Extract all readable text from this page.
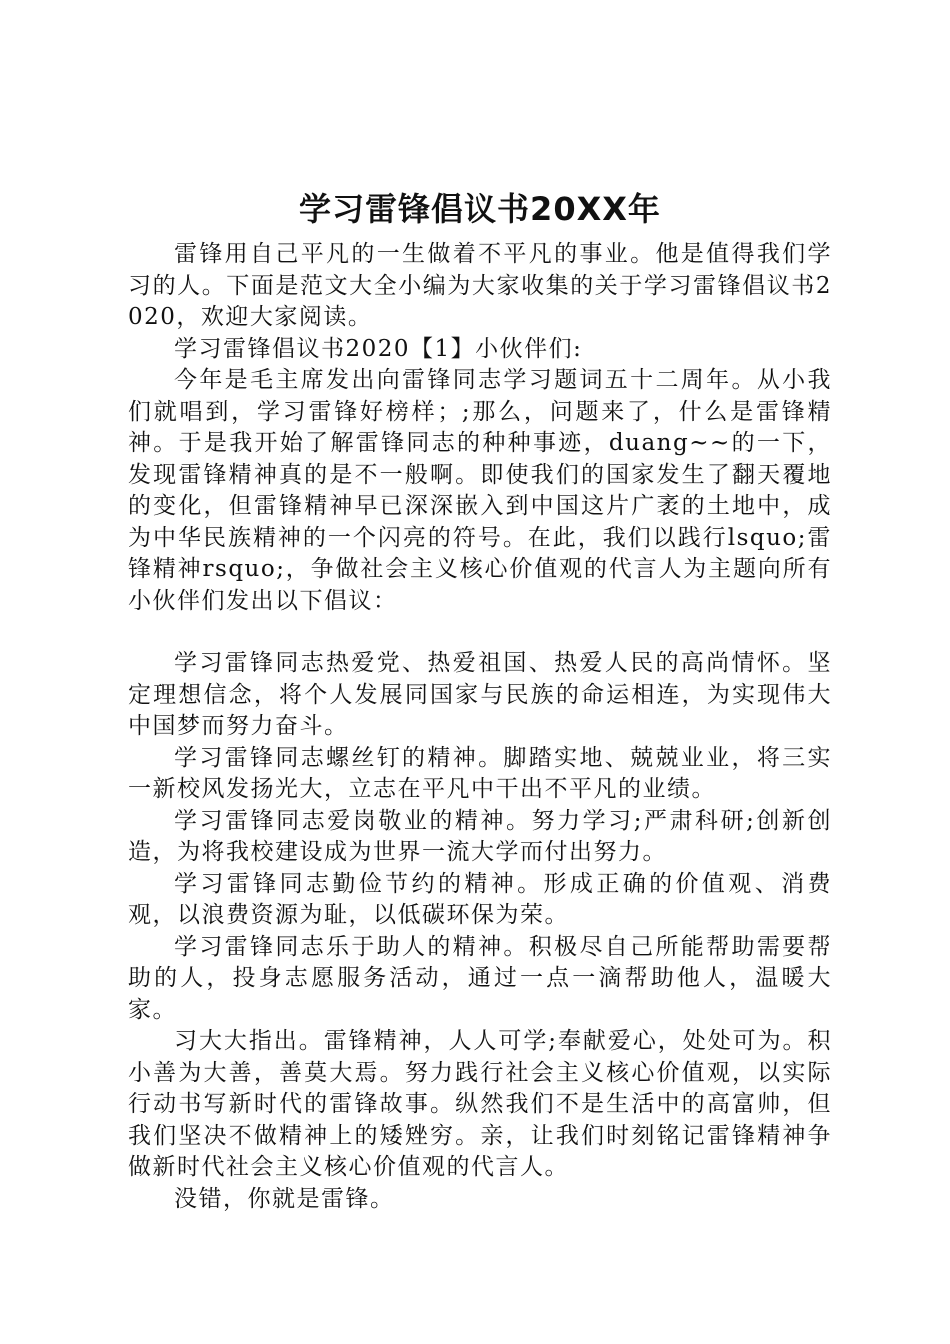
学习雷锋倡议书20XX年

雷锋用自己平凡的一生做着不平凡的事业。他是值得我们学习的人。下面是范文大全小编为大家收集的关于学习雷锋倡议书2020，欢迎大家阅读。

学习雷锋倡议书2020【1】小伙伴们:

今年是毛主席发出向雷锋同志学习题词五十二周年。从小我们就唱到，学习雷锋好榜样；;那么，问题来了，什么是雷锋精神。于是我开始了解雷锋同志的种种事迹，duang~~的一下，发现雷锋精神真的是不一般啊。即使我们的国家发生了翻天覆地的变化，但雷锋精神早已深深嵌入到中国这片广袤的土地中，成为中华民族精神的一个闪亮的符号。在此，我们以践行lsquo;雷锋精神rsquo;，争做社会主义核心价值观的代言人为主题向所有小伙伴们发出以下倡议：

学习雷锋同志热爱党、热爱祖国、热爱人民的高尚情怀。坚定理想信念，将个人发展同国家与民族的命运相连，为实现伟大中国梦而努力奋斗。

学习雷锋同志螺丝钉的精神。脚踏实地、兢兢业业，将三实一新校风发扬光大，立志在平凡中干出不平凡的业绩。

学习雷锋同志爱岗敬业的精神。努力学习;严肃科研;创新创造，为将我校建设成为世界一流大学而付出努力。

学习雷锋同志勤俭节约的精神。形成正确的价值观、消费观，以浪费资源为耻，以低碳环保为荣。

学习雷锋同志乐于助人的精神。积极尽自己所能帮助需要帮助的人，投身志愿服务活动，通过一点一滴帮助他人，温暖大家。

习大大指出。雷锋精神，人人可学;奉献爱心，处处可为。积小善为大善，善莫大焉。努力践行社会主义核心价值观，以实际行动书写新时代的雷锋故事。纵然我们不是生活中的高富帅，但我们坚决不做精神上的矮矬穷。亲，让我们时刻铭记雷锋精神争做新时代社会主义核心价值观的代言人。

没错，你就是雷锋。
